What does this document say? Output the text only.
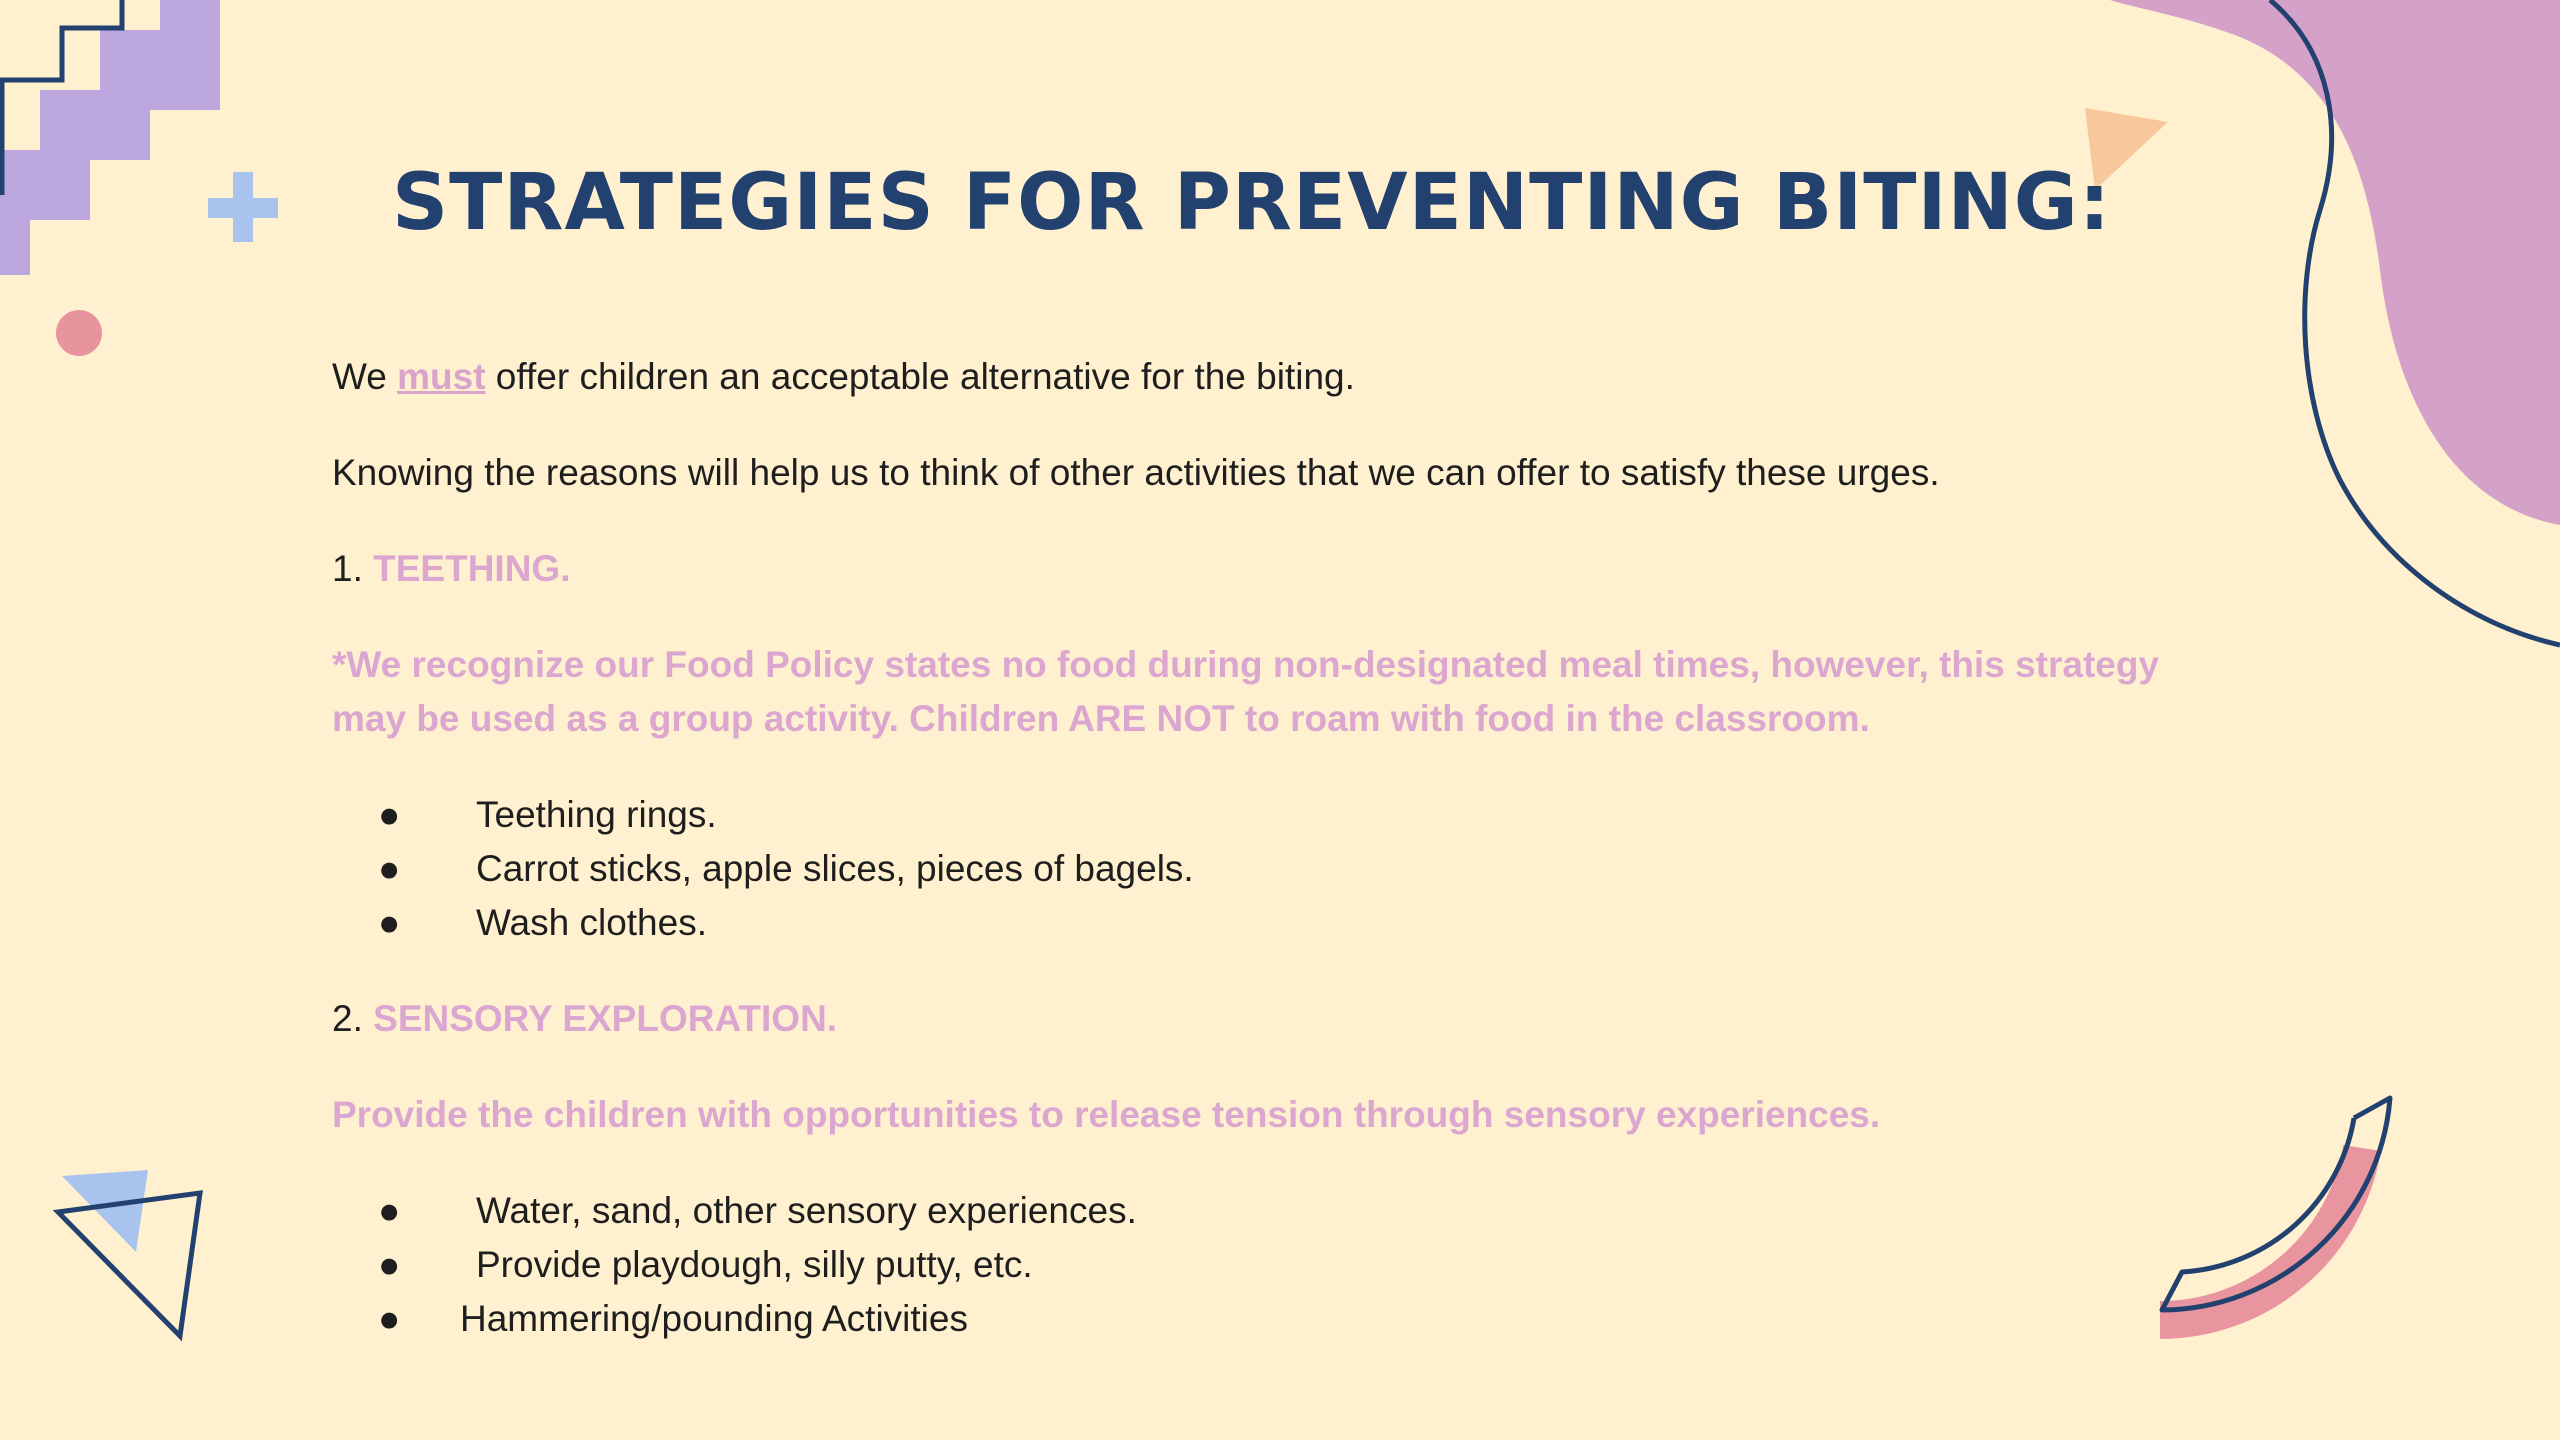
STRATEGIES FOR PREVENTING BITING:

We must offer children an acceptable alternative for the biting.

Knowing the reasons will help us to think of other activities that we can offer to satisfy these urges.

1. TEETHING.

*We recognize our Food Policy states no food during non-designated meal times, however, this strategy may be used as a group activity. Children ARE NOT to roam with food in the classroom.

● Teething rings.
● Carrot sticks, apple slices, pieces of bagels.
● Wash clothes.

2. SENSORY EXPLORATION.

Provide the children with opportunities to release tension through sensory experiences.

● Water, sand, other sensory experiences.
● Provide playdough, silly putty, etc.
● Hammering/pounding Activities
